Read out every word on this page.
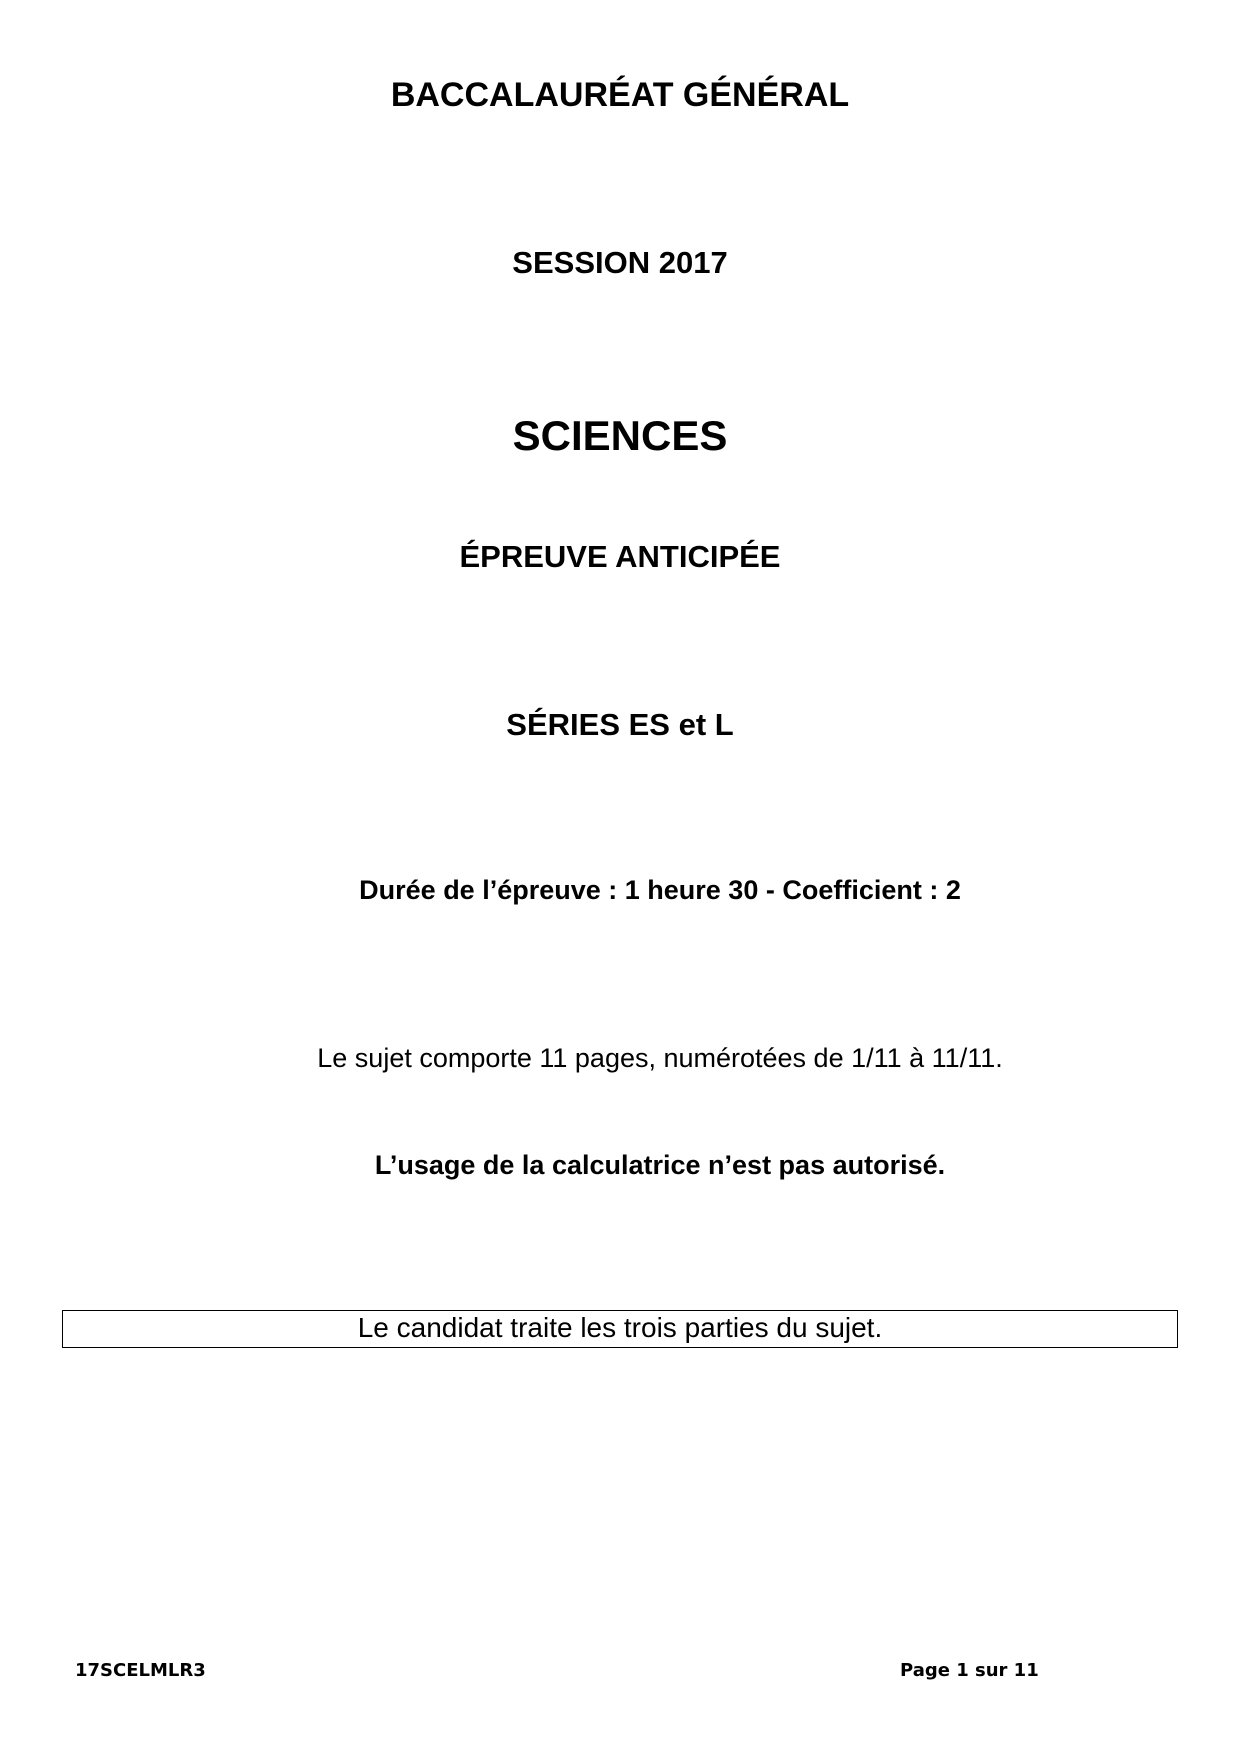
BACCALAURÉAT GÉNÉRAL
SESSION 2017
SCIENCES
ÉPREUVE ANTICIPÉE
SÉRIES ES et L
Durée de l’épreuve : 1 heure 30 - Coefficient : 2
Le sujet comporte 11 pages, numérotées de 1/11 à 11/11.
L’usage de la calculatrice n’est pas autorisé.
Le candidat traite les trois parties du sujet.
17SCELMLR3	Page 1 sur 11
